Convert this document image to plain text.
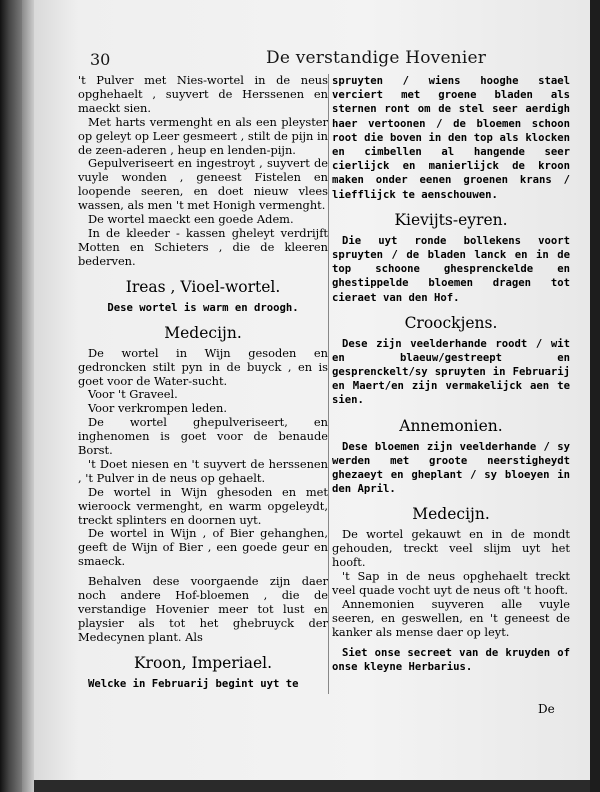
30	De verstandige Hovenier

't Pulver met Nies-wortel in de neus opghehaelt , suyvert de Herssenen en maeckt sien.

Met harts vermenght en als een pleyster op geleyt op Leer gesmeert , stilt de pijn in de zeen-aderen , heup en lenden-pijn.

Gepulveriseert en ingestroyt , suyvert de vuyle wonden , geneest Fistelen en loopende seeren, en doet nieuw vlees wassen, als men 't met Honigh vermenght.

De wortel maeckt een goede Adem.

In de kleeder - kassen gheleyt verdrijft Motten en Schieters , die de kleeren bederven.

Ireas , Vioel-wortel.

Dese wortel is warm en droogh.

Medecijn.

De wortel in Wijn gesoden en gedroncken stilt pyn in de buyck , en is goet voor de Water-sucht.

Voor 't Graveel.

Voor verkrompen leden.

De wortel ghepulveriseert, en inghenomen is goet voor de benaude Borst.

't Doet niesen en 't suyvert de herssenen , 't Pulver in de neus op gehaelt.

De wortel in Wijn ghesoden en met wieroock vermenght, en warm opgeleydt, treckt splinters en doornen uyt.

De wortel in Wijn , of Bier gehanghen, geeft de Wijn of Bier , een goede geur en smaeck.

Behalven dese voorgaende zijn daer noch andere Hof-bloemen , die de verstandige Hovenier meer tot lust en playsier als tot het ghebruyck der Medecynen plant. Als

Kroon, Imperiael.

Welcke in Februarij begint uyt te

spruyten / wiens hooghe stael verciert met groene bladen als sternen ront om de stel seer aerdigh haer vertoonen / de bloemen schoon root die boven in den top als klocken en cimbellen al hangende seer cierlijck en manierlijck de kroon maken onder eenen groenen krans / liefflijck te aenschouwen.

Kievijts-eyren.

Die uyt ronde bollekens voort spruyten / de bladen lanck en in de top schoone ghesprenckelde en ghestippelde bloemen dragen tot cieraet van den Hof.

Croockjens.

Dese zijn veelderhande roodt / wit en blaeuw/gestreept en gesprenckelt/sy spruyten in Februarij en Maert/en zijn vermakelijck aen te sien.

Annemonien.

Dese bloemen zijn veelderhande / sy werden met groote neerstigheydt ghezaeyt en gheplant / sy bloeyen in den April.

Medecijn.

De wortel gekauwt en in de mondt gehouden, treckt veel slijm uyt het hooft.

't Sap in de neus opghehaelt treckt veel quade vocht uyt de neus oft 't hooft.

Annemonien suyveren alle vuyle seeren, en geswellen, en 't geneest de kanker als mense daer op leyt.

Siet onse secreet van de kruyden of onse kleyne Herbarius.

De
